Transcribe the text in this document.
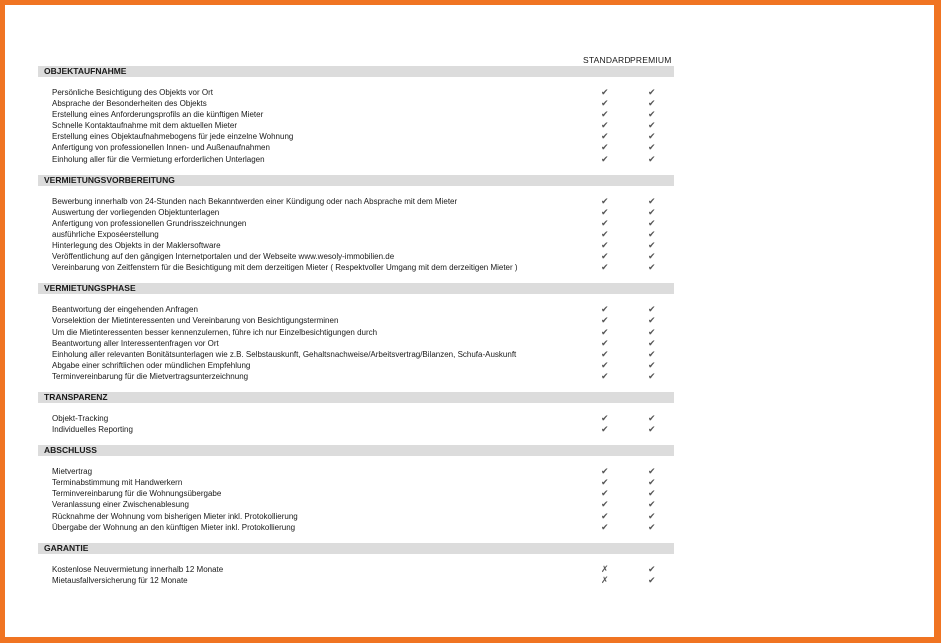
STANDARD PREMIUM
OBJEKTAUFNAHME
Persönliche Besichtigung des Objekts vor Ort	✔	✔
Absprache der Besonderheiten des Objekts	✔	✔
Erstellung eines Anforderungsprofils an die künftigen Mieter	✔	✔
Schnelle Kontaktaufnahme mit dem aktuellen Mieter	✔	✔
Erstellung eines Objektaufnahmebogens für jede einzelne Wohnung	✔	✔
Anfertigung von professionellen Innen- und Außenaufnahmen	✔	✔
Einholung aller für die Vermietung erforderlichen Unterlagen	✔	✔
VERMIETUNGSVORBEREITUNG
Bewerbung innerhalb von 24-Stunden nach Bekanntwerden einer Kündigung oder nach Absprache mit dem Mieter	✔	✔
Auswertung der vorliegenden Objektunterlagen	✔	✔
Anfertigung von professionellen Grundrisszeichnungen	✔	✔
ausführliche Exposéerstellung	✔	✔
Hinterlegung des Objekts in der Maklersoftware	✔	✔
Veröffentlichung auf den gängigen Internetportalen und der Webseite www.wesoly-immobilien.de	✔	✔
Vereinbarung von Zeitfenstern für die Besichtigung mit dem derzeitigen Mieter ( Respektvoller Umgang mit dem derzeitigen Mieter )	✔	✔
VERMIETUNGSPHASE
Beantwortung der eingehenden Anfragen	✔	✔
Vorselektion der Mietinteressenten und Vereinbarung von Besichtigungsterminen	✔	✔
Um die Mietinteressenten besser kennenzulernen, führe ich nur Einzelbesichtigungen durch	✔	✔
Beantwortung aller Interessentenfragen vor Ort	✔	✔
Einholung aller relevanten Bonitätsunterlagen wie z.B. Selbstauskunft, Gehaltsnachweise/Arbeitsvertrag/Bilanzen, Schufa-Auskunft	✔	✔
Abgabe einer schriftlichen oder mündlichen Empfehlung	✔	✔
Terminvereinbarung für die Mietvertragsunterzeichnung	✔	✔
TRANSPARENZ
Objekt-Tracking	✔	✔
Individuelles Reporting	✔	✔
ABSCHLUSS
Mietvertrag	✔	✔
Terminabstimmung mit Handwerkern	✔	✔
Terminvereinbarung für die Wohnungsübergabe	✔	✔
Veranlassung einer Zwischenablesung	✔	✔
Rücknahme der Wohnung vom bisherigen Mieter inkl. Protokollierung	✔	✔
Übergabe der Wohnung an den künftigen Mieter inkl. Protokollierung	✔	✔
GARANTIE
Kostenlose Neuvermietung innerhalb 12 Monate	✗	✔
Mietausfallversicherung für 12 Monate	✗	✔
